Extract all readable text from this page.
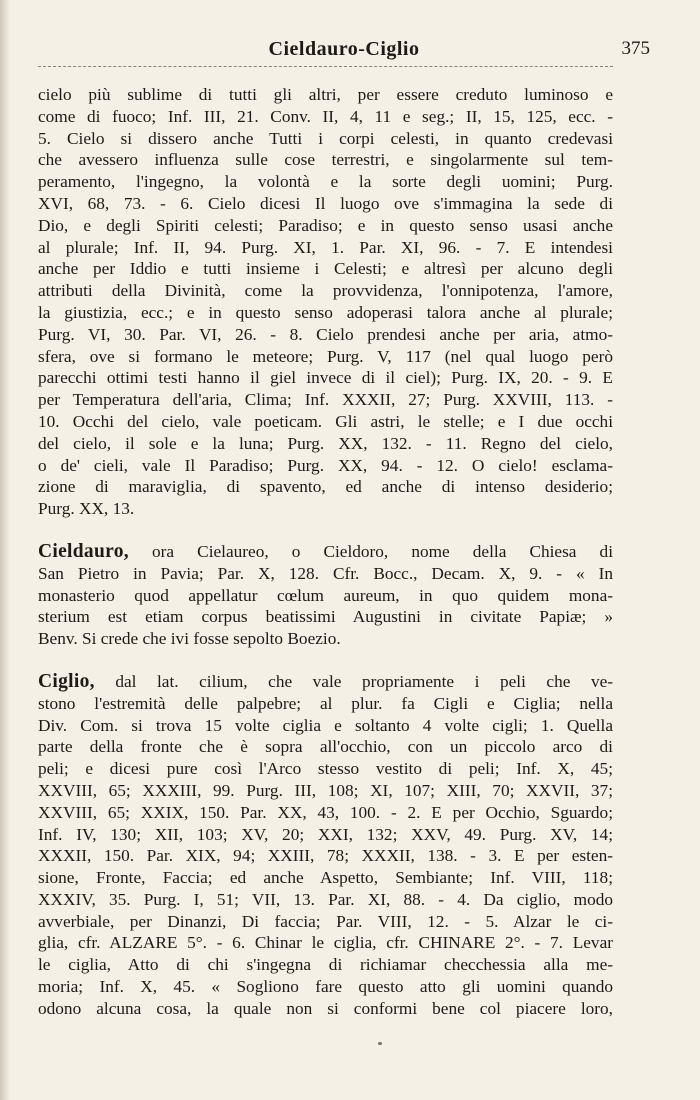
Cieldauro-Ciglio	375
cielo più sublime di tutti gli altri, per essere creduto luminoso e
come di fuoco; Inf. III, 21. Conv. II, 4, 11 e seg.; II, 15, 125, ecc. -
5. Cielo si dissero anche Tutti i corpi celesti, in quanto credevasi
che avessero influenza sulle cose terrestri, e singolarmente sul tem-
peramento, l'ingegno, la volontà e la sorte degli uomini; Purg.
XVI, 68, 73. - 6. Cielo dicesi Il luogo ove s'immagina la sede di
Dio, e degli Spiriti celesti; Paradiso; e in questo senso usasi anche
al plurale; Inf. II, 94. Purg. XI, 1. Par. XI, 96. - 7. E intendesi
anche per Iddio e tutti insieme i Celesti; e altresì per alcuno degli
attributi della Divinità, come la provvidenza, l'onnipotenza, l'amore,
la giustizia, ecc.; e in questo senso adoperasi talora anche al plurale;
Purg. VI, 30. Par. VI, 26. - 8. Cielo prendesi anche per aria, atmo-
sfera, ove si formano le meteore; Purg. V, 117 (nel qual luogo però
parecchi ottimi testi hanno il giel invece di il ciel); Purg. IX, 20. - 9. E
per Temperatura dell'aria, Clima; Inf. XXXII, 27; Purg. XXVIII, 113. -
10. Occhi del cielo, vale poeticam. Gli astri, le stelle; e I due occhi
del cielo, il sole e la luna; Purg. XX, 132. - 11. Regno del cielo,
o de' cieli, vale Il Paradiso; Purg. XX, 94. - 12. O cielo! esclama-
zione di maraviglia, di spavento, ed anche di intenso desiderio;
Purg. XX, 13.
Cieldauro, ora Cielaureo, o Cieldoro, nome della Chiesa di
San Pietro in Pavia; Par. X, 128. Cfr. Bocc., Decam. X, 9. - « In
monasterio quod appellatur cœlum aureum, in quo quidem mona-
sterium est etiam corpus beatissimi Augustini in civitate Papiæ; »
Benv. Si crede che ivi fosse sepolto Boezio.
Ciglio, dal lat. cilium, che vale propriamente i peli che ve-
stono l'estremità delle palpebre; al plur. fa Cigli e Ciglia; nella
Div. Com. si trova 15 volte ciglia e soltanto 4 volte cigli; 1. Quella
parte della fronte che è sopra all'occhio, con un piccolo arco di
peli; e dicesi pure così l'Arco stesso vestito di peli; Inf. X, 45;
XXVIII, 65; XXXIII, 99. Purg. III, 108; XI, 107; XIII, 70; XXVII, 37;
XXVIII, 65; XXIX, 150. Par. XX, 43, 100. - 2. E per Occhio, Sguardo;
Inf. IV, 130; XII, 103; XV, 20; XXI, 132; XXV, 49. Purg. XV, 14;
XXXII, 150. Par. XIX, 94; XXIII, 78; XXXII, 138. - 3. E per esten-
sione, Fronte, Faccia; ed anche Aspetto, Sembiante; Inf. VIII, 118;
XXXIV, 35. Purg. I, 51; VII, 13. Par. XI, 88. - 4. Da ciglio, modo
avverbiale, per Dinanzi, Di faccia; Par. VIII, 12. - 5. Alzar le ci-
glia, cfr. ALZARE 5°. - 6. Chinar le ciglia, cfr. CHINARE 2°. - 7. Levar
le ciglia, Atto di chi s'ingegna di richiamar checchessia alla me-
moria; Inf. X, 45. « Sogliono fare questo atto gli uomini quando
odono alcuna cosa, la quale non si conformi bene col piacere loro,
